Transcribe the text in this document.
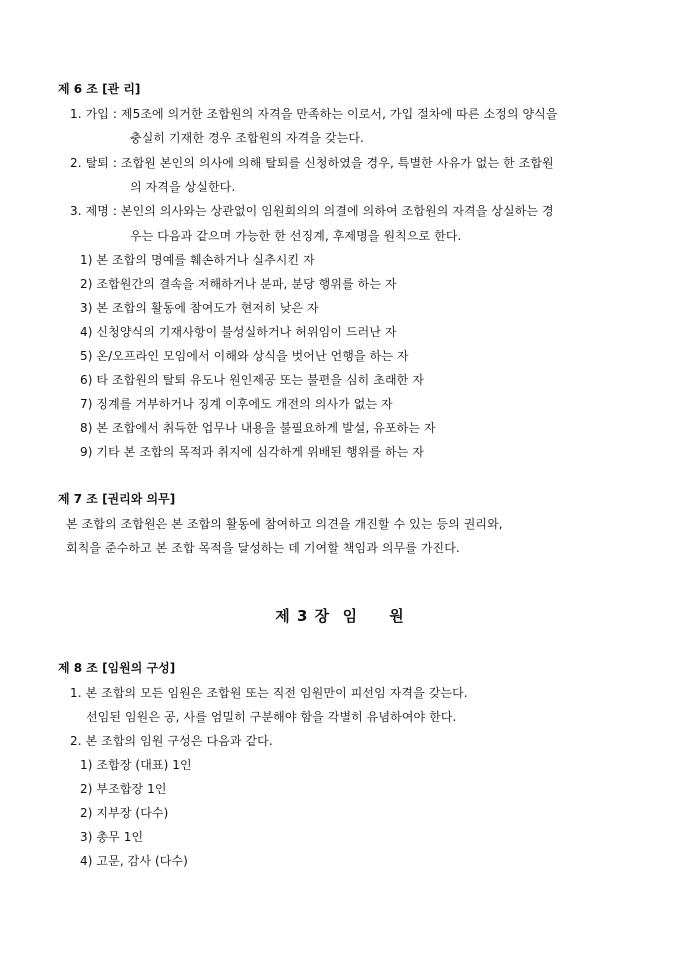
제 6 조 [관 리]
1. 가입 : 제5조에 의거한 조합원의 자격을 만족하는 이로서, 가입 절차에 따른 소정의 양식을
충실히 기재한 경우 조합원의 자격을 갖는다.
2. 탈퇴 : 조합원 본인의 의사에 의해 탈퇴를 신청하였을 경우, 특별한 사유가 없는 한 조합원
의 자격을 상실한다.
3. 제명 : 본인의 의사와는 상관없이 임원회의의 의결에 의하여 조합원의 자격을 상실하는 경
우는 다음과 같으며 가능한 한 선징계, 후제명을 원칙으로 한다.
1) 본 조합의 명예를 훼손하거나 실추시킨 자
2) 조합원간의 결속을 저해하거나 분파, 분당 행위를 하는 자
3) 본 조합의 활동에 참여도가 현저히 낮은 자
4) 신청양식의 기재사항이 불성실하거나 허위임이 드러난 자
5) 온/오프라인 모임에서 이해와 상식을 벗어난 언행을 하는 자
6) 타 조합원의 탈퇴 유도나 원인제공 또는 불편을 심히 초래한 자
7) 징계를 거부하거나 징계 이후에도 개전의 의사가 없는 자
8) 본 조합에서 취득한 업무나 내용을 불필요하게 발설, 유포하는 자
9) 기타 본 조합의 목적과 취지에 심각하게 위배된 행위를 하는 자
제 7 조 [권리와 의무]
본 조합의 조합원은 본 조합의 활동에 참여하고 의견을 개진할 수 있는 등의 권리와,
회칙을 준수하고 본 조합 목적을 달성하는 데 기여할 책임과 의무를 가진다.
제 3 장  임     원
제 8 조 [임원의 구성]
1. 본 조합의 모든 임원은 조합원 또는 직전 임원만이 피선임 자격을 갖는다.
선임된 임원은 공, 사를 엄밀히 구분해야 함을 각별히 유념하여야 한다.
2. 본 조합의 임원 구성은 다음과 같다.
1) 조합장 (대표) 1인
2) 부조합장 1인
2) 지부장 (다수)
3) 총무 1인
4) 고문, 감사 (다수)
